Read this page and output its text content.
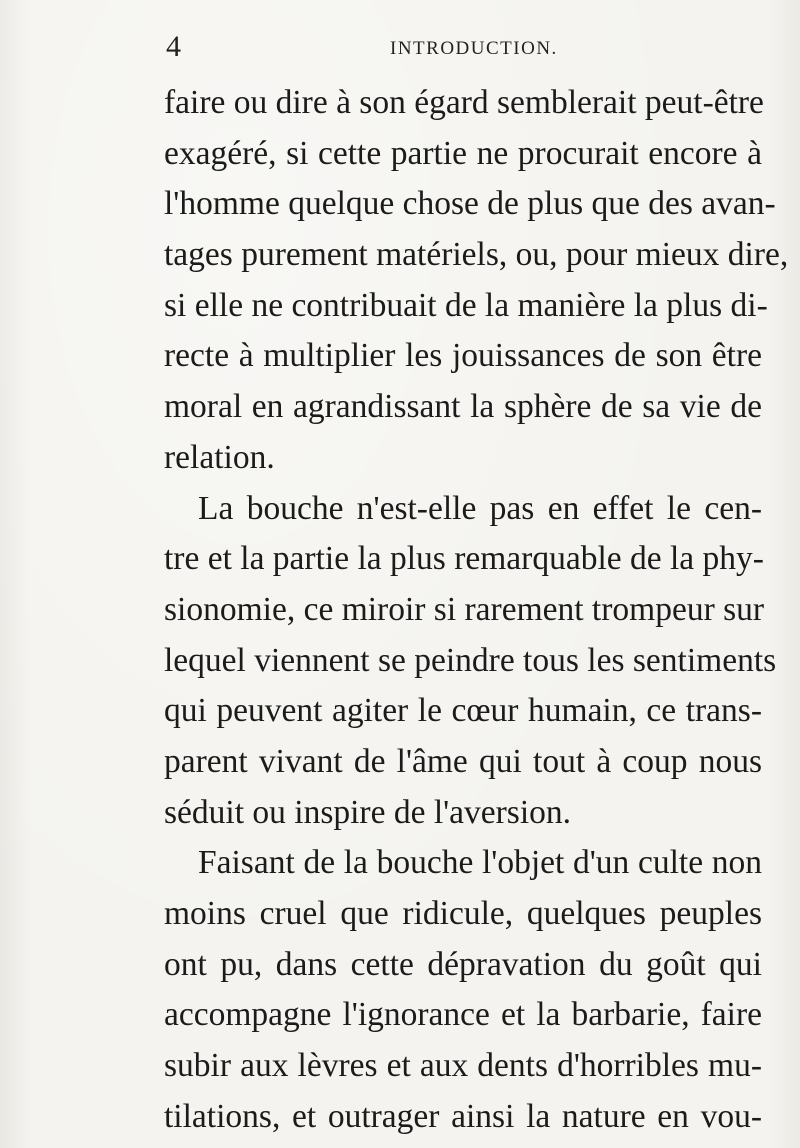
4	INTRODUCTION.
faire ou dire à son égard semblerait peut-être
exagéré, si cette partie ne procurait encore à
l'homme quelque chose de plus que des avan-
tages purement matériels, ou, pour mieux dire,
si elle ne contribuait de la manière la plus di-
recte à multiplier les jouissances de son être
moral en agrandissant la sphère de sa vie de
relation.
La bouche n'est-elle pas en effet le cen-
tre et la partie la plus remarquable de la phy-
sionomie, ce miroir si rarement trompeur sur
lequel viennent se peindre tous les sentiments
qui peuvent agiter le cœur humain, ce trans-
parent vivant de l'âme qui tout à coup nous
séduit ou inspire de l'aversion.
Faisant de la bouche l'objet d'un culte non
moins cruel que ridicule, quelques peuples
ont pu, dans cette dépravation du goût qui
accompagne l'ignorance et la barbarie, faire
subir aux lèvres et aux dents d'horribles mu-
tilations, et outrager ainsi la nature en vou-
